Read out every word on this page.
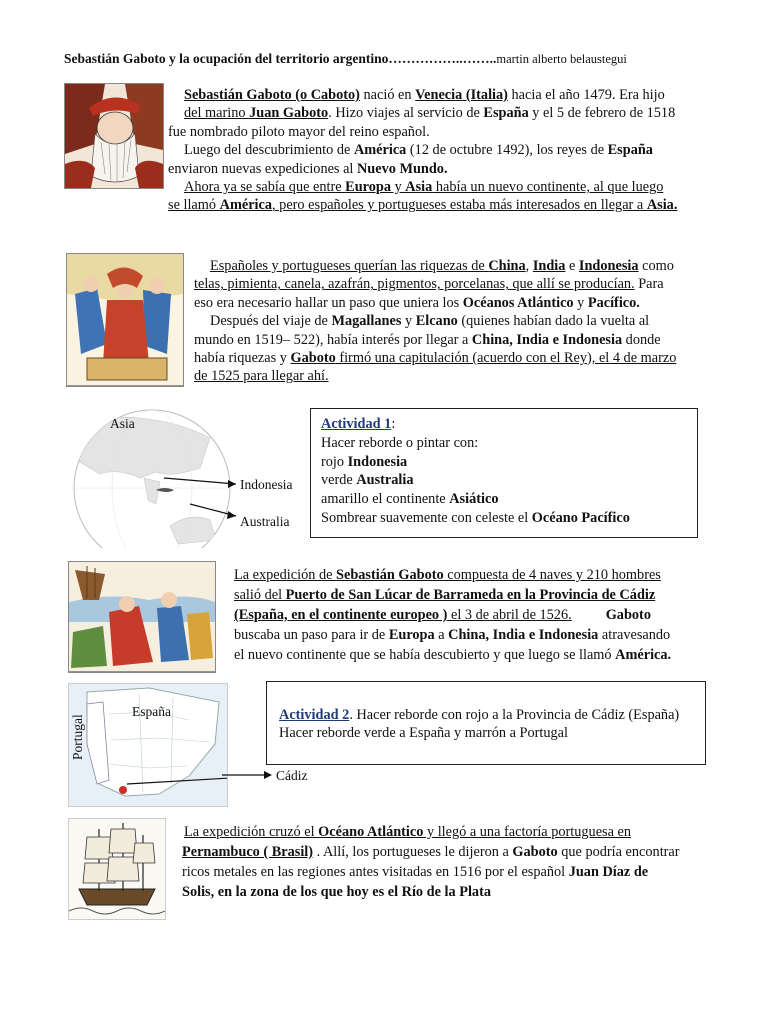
Sebastián Gaboto y la ocupación del territorio argentino……………..……..martin alberto belaustegui

Sebastián Gaboto (o Caboto) nació en Venecia (Italia) hacia el año 1479. Era hijo

del marino Juan Gaboto. Hizo viajes al servicio de España y el 5 de febrero de 1518

fue nombrado piloto mayor del reino español.

Luego del descubrimiento de América (12 de octubre 1492), los reyes de España

enviaron nuevas expediciones al Nuevo Mundo.

Ahora ya se sabía que entre Europa y Asia había un nuevo continente, al que luego

se llamó América, pero españoles y portugueses estaba más interesados en llegar a Asia.

Españoles y portugueses querían las riquezas de China, India e Indonesia como

telas, pimienta, canela, azafrán, pigmentos, porcelanas, que allí se producían. Para

eso era necesario hallar un paso que uniera los Océanos Atlántico y Pacífico.

Después del viaje de Magallanes y Elcano (quienes habían dado la vuelta al

mundo en 1519– 522), había interés por llegar a China, India e Indonesia donde

había riquezas y Gaboto firmó una capitulación (acuerdo con el Rey), el 4 de marzo

de 1525 para llegar ahí.

Asia
Indonesia
Australia

Actividad 1:

Hacer reborde o pintar con:

rojo Indonesia

verde Australia

amarillo el continente Asiático

Sombrear suavemente con celeste el Océano Pacífico

La expedición de Sebastián Gaboto compuesta de 4 naves y 210 hombres

salió del Puerto de San Lúcar de Barrameda en la Provincia de Cádiz

(España, en el continente europeo ) el 3 de abril de 1526. Gaboto

buscaba un paso para ir de Europa a China, India e Indonesia atravesando

el nuevo continente que se había descubierto y que luego se llamó América.

España
Portugal
Cádiz

Actividad 2. Hacer reborde con rojo a la Provincia de Cádiz (España)

Hacer reborde verde a España y marrón a Portugal

La expedición cruzó el Océano Atlántico y llegó a una factoría portuguesa en

Pernambuco ( Brasil) . Allí, los portugueses le dijeron a Gaboto que podría encontrar

ricos metales en las regiones antes visitadas en 1516 por el español Juan Díaz de

Solis, en la zona de los que hoy es el Río de la Plata
